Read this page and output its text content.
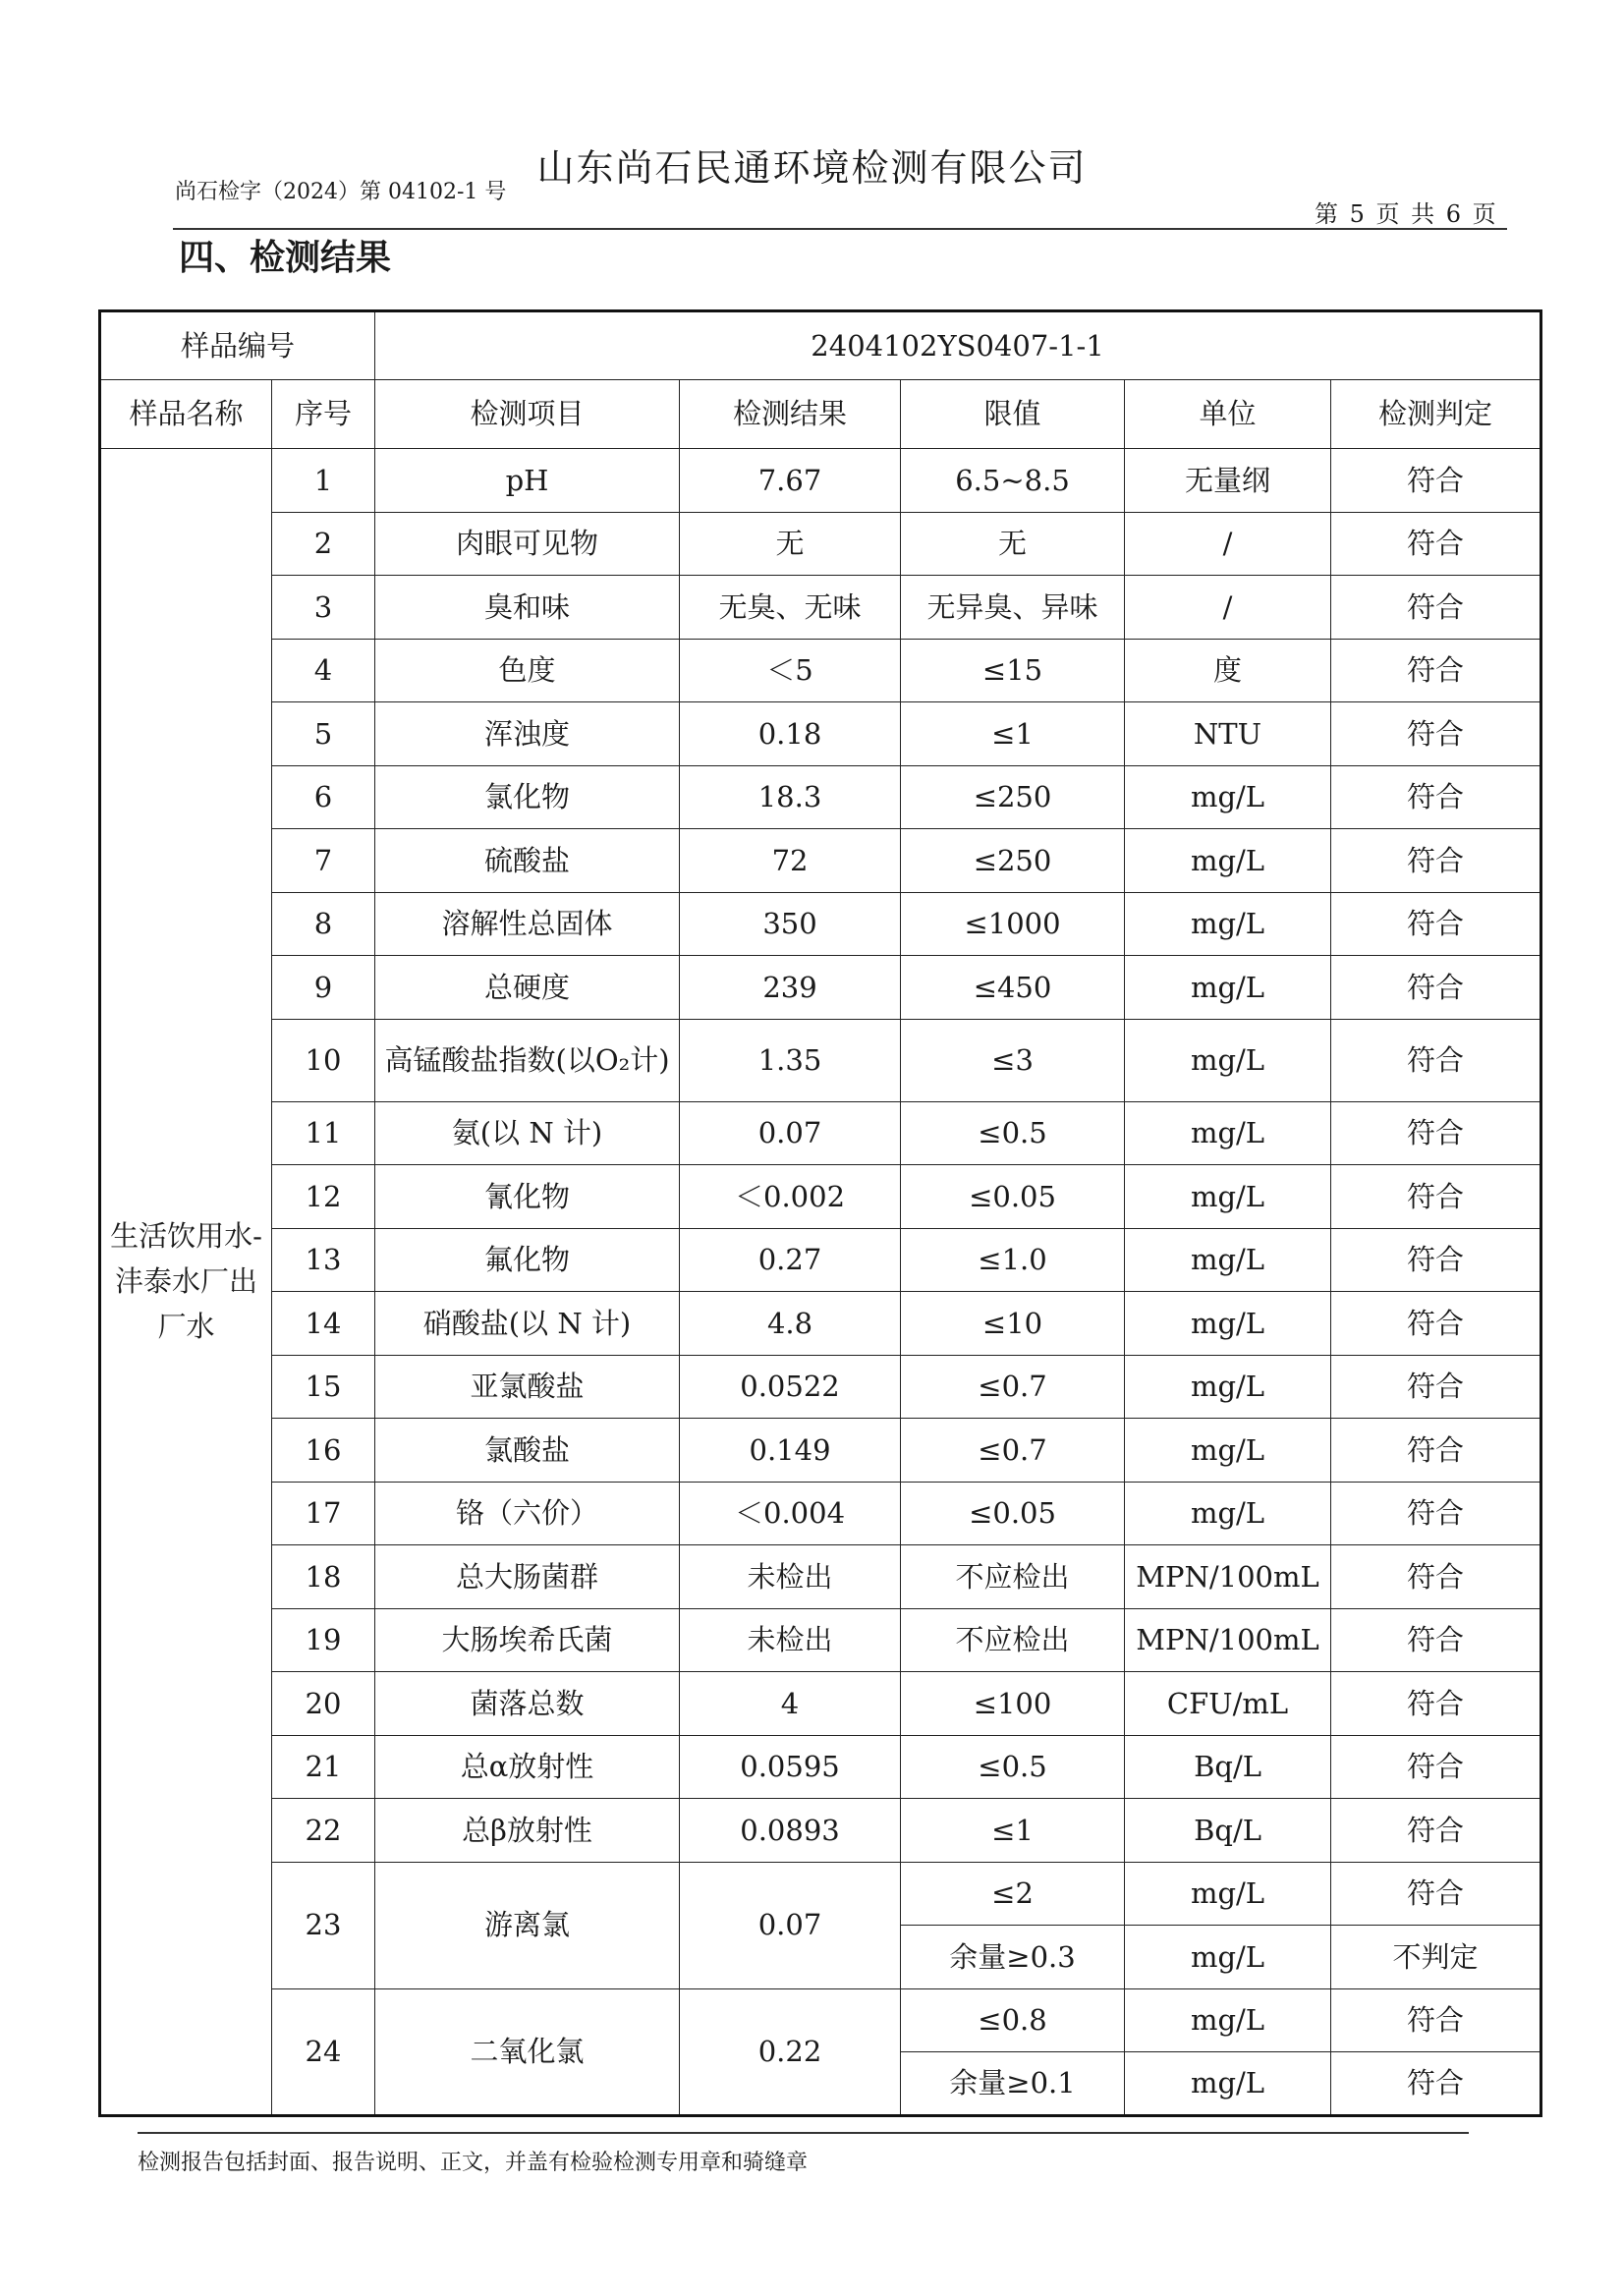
山东尚石民通环境检测有限公司
尚石检字（2024）第 04102-1 号
第 5 页 共 6 页
四、检测结果
样品编号		2404102YS0407-1-1				
样品名称	序号	检测项目	检测结果	限值	单位	检测判定
生活饮用水-沣泰水厂出厂水	1	pH	7.67	6.5~8.5	无量纲	符合
	2	肉眼可见物	无	无	/	符合
	3	臭和味	无臭、无味	无异臭、异味	/	符合
	4	色度	＜5	≤15	度	符合
	5	浑浊度	0.18	≤1	NTU	符合
	6	氯化物	18.3	≤250	mg/L	符合
	7	硫酸盐	72	≤250	mg/L	符合
	8	溶解性总固体	350	≤1000	mg/L	符合
	9	总硬度	239	≤450	mg/L	符合
	10	高锰酸盐指数(以O₂计)	1.35	≤3	mg/L	符合
	11	氨(以 N 计)	0.07	≤0.5	mg/L	符合
	12	氰化物	＜0.002	≤0.05	mg/L	符合
	13	氟化物	0.27	≤1.0	mg/L	符合
	14	硝酸盐(以 N 计)	4.8	≤10	mg/L	符合
	15	亚氯酸盐	0.0522	≤0.7	mg/L	符合
	16	氯酸盐	0.149	≤0.7	mg/L	符合
	17	铬（六价）	＜0.004	≤0.05	mg/L	符合
	18	总大肠菌群	未检出	不应检出	MPN/100mL	符合
	19	大肠埃希氏菌	未检出	不应检出	MPN/100mL	符合
	20	菌落总数	4	≤100	CFU/mL	符合
	21	总α放射性	0.0595	≤0.5	Bq/L	符合
	22	总β放射性	0.0893	≤1	Bq/L	符合
	23	游离氯	0.07	≤2	mg/L	符合
				余量≥0.3	mg/L	不判定
	24	二氧化氯	0.22	≤0.8	mg/L	符合
				余量≥0.1	mg/L	符合
检测报告包括封面、报告说明、正文，并盖有检验检测专用章和骑缝章
